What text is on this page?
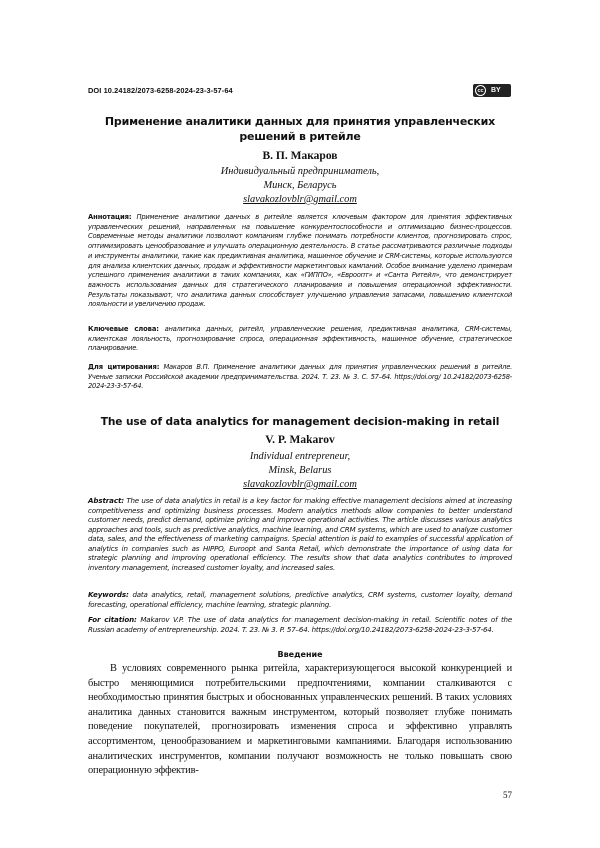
DOI 10.24182/2073-6258-2024-23-3-57-64	cc	BY
Применение аналитики данных для принятия управленческих решений в ритейле
В. П. Макаров
Индивидуальный предприниматель,
Минск, Беларусь
slavakozlovblr@gmail.com
Аннотация: Применение аналитики данных в ритейле является ключевым фактором для принятия эффективных управленческих решений, направленных на повышение конкурентоспособности и оптимизацию бизнес-процессов. Современные методы аналитики позволяют компаниям глубже понимать потребности клиентов, прогнозировать спрос, оптимизировать ценообразование и улучшать операционную деятельность. В статье рассматриваются различные подходы и инструменты аналитики, такие как предиктивная аналитика, машинное обучение и CRM-системы, которые используются для анализа клиентских данных, продаж и эффективности маркетинговых кампаний. Особое внимание уделено примерам успешного применения аналитики в таких компаниях, как «ГИППО», «Евроопт» и «Санта Ритейл», что демонстрирует важность использования данных для стратегического планирования и повышения операционной эффективности. Результаты показывают, что аналитика данных способствует улучшению управления запасами, повышению клиентской лояльности и увеличению продаж.
Ключевые слова: аналитика данных, ритейл, управленческие решения, предиктивная аналитика, CRM-системы, клиентская лояльность, прогнозирование спроса, операционная эффективность, машинное обучение, стратегическое планирование.
Для цитирования: Макаров В.П. Применение аналитики данных для принятия управленческих решений в ритейле. Ученые записки Российской академии предпринимательства. 2024. Т. 23. № 3. С. 57–64. https://doi.org/ 10.24182/2073-6258-2024-23-3-57-64.
The use of data analytics for management decision-making in retail
V. P. Makarov
Individual entrepreneur,
Minsk, Belarus
slavakozlovblr@gmail.com
Abstract: The use of data analytics in retail is a key factor for making effective management decisions aimed at increasing competitiveness and optimizing business processes. Modern analytics methods allow companies to better understand customer needs, predict demand, optimize pricing and improve operational activities. The article discusses various analytics approaches and tools, such as predictive analytics, machine learning, and CRM systems, which are used to analyze customer data, sales, and the effectiveness of marketing campaigns. Special attention is paid to examples of successful application of analytics in companies such as HIPPO, Euroopt and Santa Retail, which demonstrate the importance of using data for strategic planning and improving operational efficiency. The results show that data analytics contributes to improved inventory management, increased customer loyalty, and increased sales.
Keywords: data analytics, retail, management solutions, predictive analytics, CRM systems, customer loyalty, demand forecasting, operational efficiency, machine learning, strategic planning.
For citation: Makarov V.P. The use of data analytics for management decision-making in retail. Scientific notes of the Russian academy of entrepreneurship. 2024. T. 23. № 3. P. 57–64. https://doi.org/10.24182/2073-6258-2024-23-3-57-64.
Введение
В условиях современного рынка ритейла, характеризующегося высокой конкуренцией и быстро меняющимися потребительскими предпочтениями, компании сталкиваются с необходимостью принятия быстрых и обоснованных управленческих решений. В таких условиях аналитика данных становится важным инструментом, который позволяет глубже понимать поведение покупателей, прогнозировать изменения спроса и эффективно управлять ассортиментом, ценообразованием и маркетинговыми кампаниями. Благодаря использованию аналитических инструментов, компании получают возможность не только повышать свою операционную эффектив-
57
